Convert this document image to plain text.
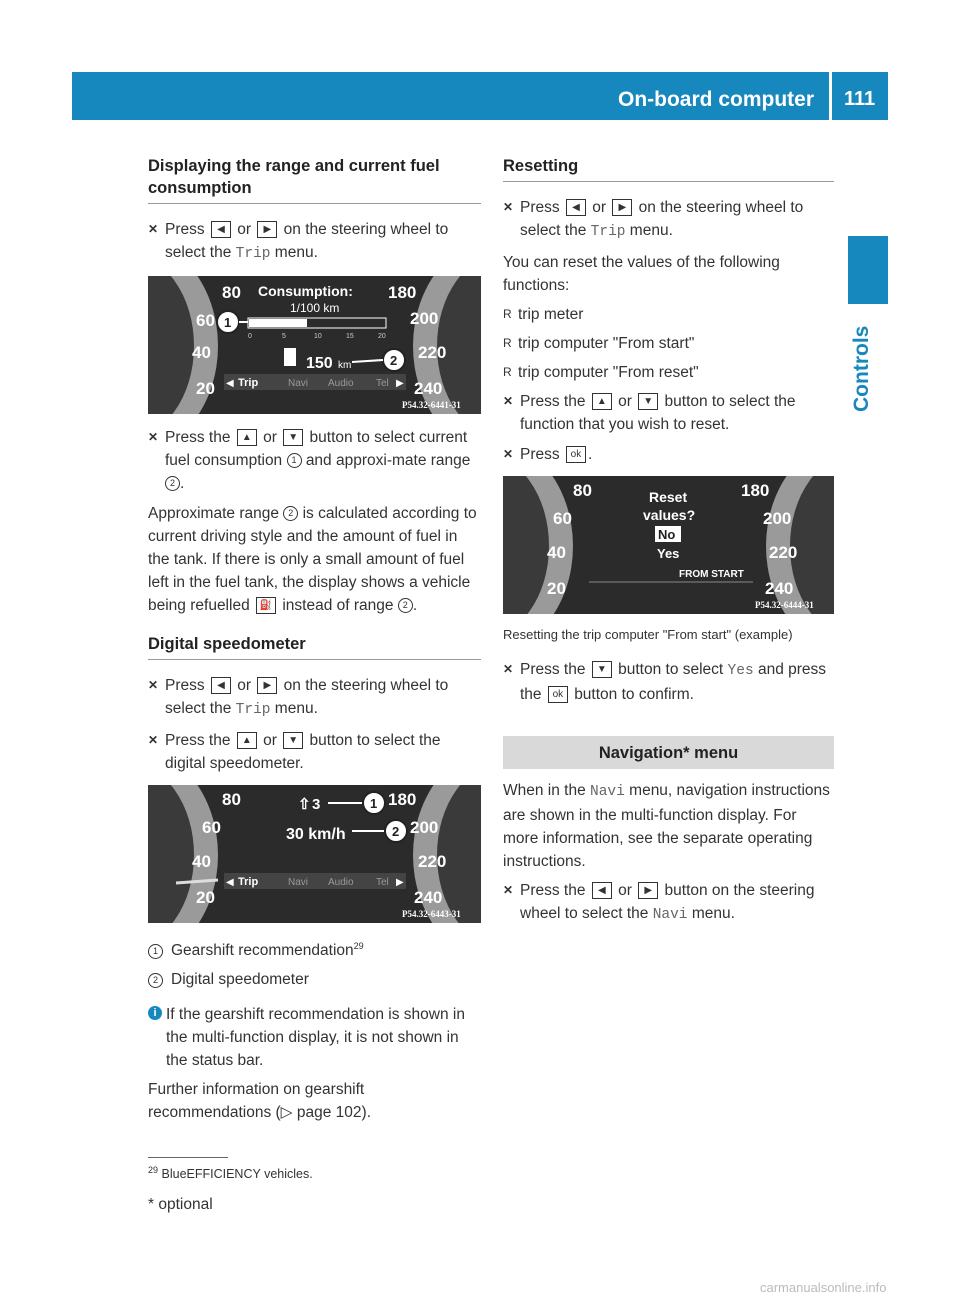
On-board computer 111
Controls
Displaying the range and current fuel consumption
✕ Press ◀ or ▶ on the steering wheel to select the Trip menu.
80
60
40
20
180
200
220
240
Consumption:
1/100 km
0	5	10	15	20
150 km
◀ Trip	Navi Audio Tel ▶
1
2
P54.32-6441-31
✕ Press the ▲ or ▼ button to select current fuel consumption 1 and approxi-mate range 2 .

Approximate range 2 is calculated according to current driving style and the amount of fuel in the tank. If there is only a small amount of fuel left in the fuel tank, the display shows a vehicle being refuelled ⛽ instead of range 2 .

Digital speedometer
✕ Press ◀ or ▶ on the steering wheel to select the Trip menu.
✕ Press the ▲ or ▼ button to select the digital speedometer.
80
60
40
20
180
200
220
240
⇧ 3
30 km/h
1
2
◀ Trip	Navi Audio Tel ▶
P54.32-6443-31
1 Gearshift recommendation$^{29}$
2 Digital speedometer
i If the gearshift recommendation is shown in the multi-function display, it is not shown in the status bar.

Further information on gearshift recommendations (▷ page 102).

Resetting
✕ Press ◀ or ▶ on the steering wheel to select the Trip menu.

You can reset the values of the following functions:

R trip meter
R trip computer "From start"
R trip computer "From reset"
✕ Press the ▲ or ▼ button to select the function that you wish to reset.
✕ Press ok .
80
60
40
20
180
200
220
240
Reset
values?
No
Yes
FROM START
P54.32-6444-31
Resetting the trip computer "From start" (example)
✕ Press the ▼ button to select Yes and press the ok button to confirm.
Navigation* menu

When in the Navi menu, navigation instructions are shown in the multi-function display. For more information, see the separate operating instructions.

✕ Press the ◀ or ▶ button on the steering wheel to select the Navi menu.
$^{29}$ BlueEFFICIENCY vehicles.
* optional
carmanualsonline.info
